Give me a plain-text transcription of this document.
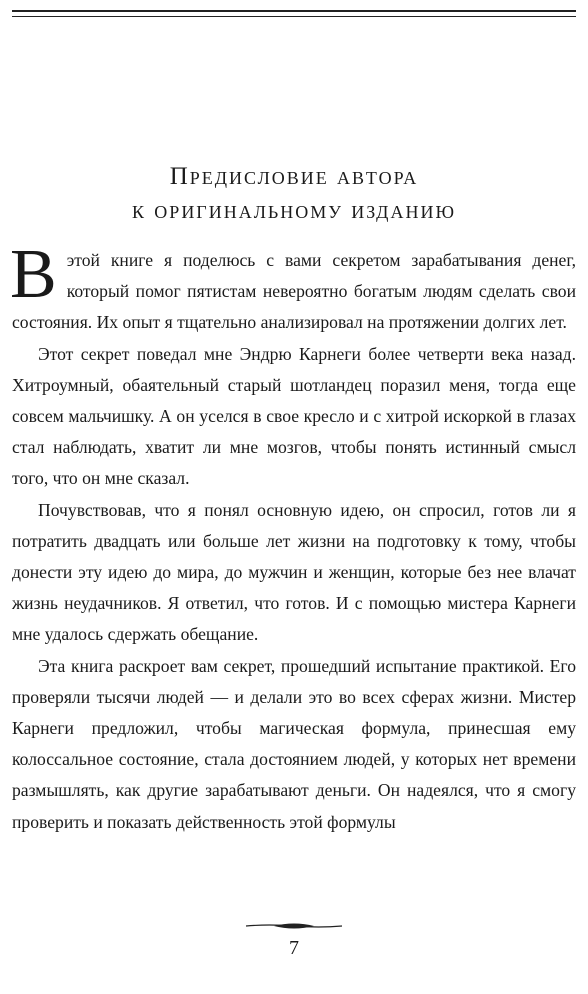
Предисловие автора
к оригинальному изданию

Вэтой книге я поделюсь с вами секретом зарабатывания денег, который помог пятистам невероятно богатым людям сделать свои состояния. Их опыт я тщательно анализировал на протяжении долгих лет.

Этот секрет поведал мне Эндрю Карнеги более четверти века назад. Хитроумный, обаятельный старый шотландец поразил меня, тогда еще совсем мальчишку. А он уселся в свое кресло и с хитрой искоркой в глазах стал наблюдать, хватит ли мне мозгов, чтобы понять истинный смысл того, что он мне сказал.

Почувствовав, что я понял основную идею, он спросил, готов ли я потратить двадцать или больше лет жизни на подготовку к тому, чтобы донести эту идею до мира, до мужчин и женщин, которые без нее влачат жизнь неудачников. Я ответил, что готов. И с помощью мистера Карнеги мне удалось сдержать обещание.

Эта книга раскроет вам секрет, прошедший испытание практикой. Его проверяли тысячи людей — и делали это во всех сферах жизни. Мистер Карнеги предложил, чтобы магическая формула, принесшая ему колоссальное состояние, стала достоянием людей, у которых нет времени размышлять, как другие зарабатывают деньги. Он надеялся, что я смогу проверить и показать действенность этой формулы

7
